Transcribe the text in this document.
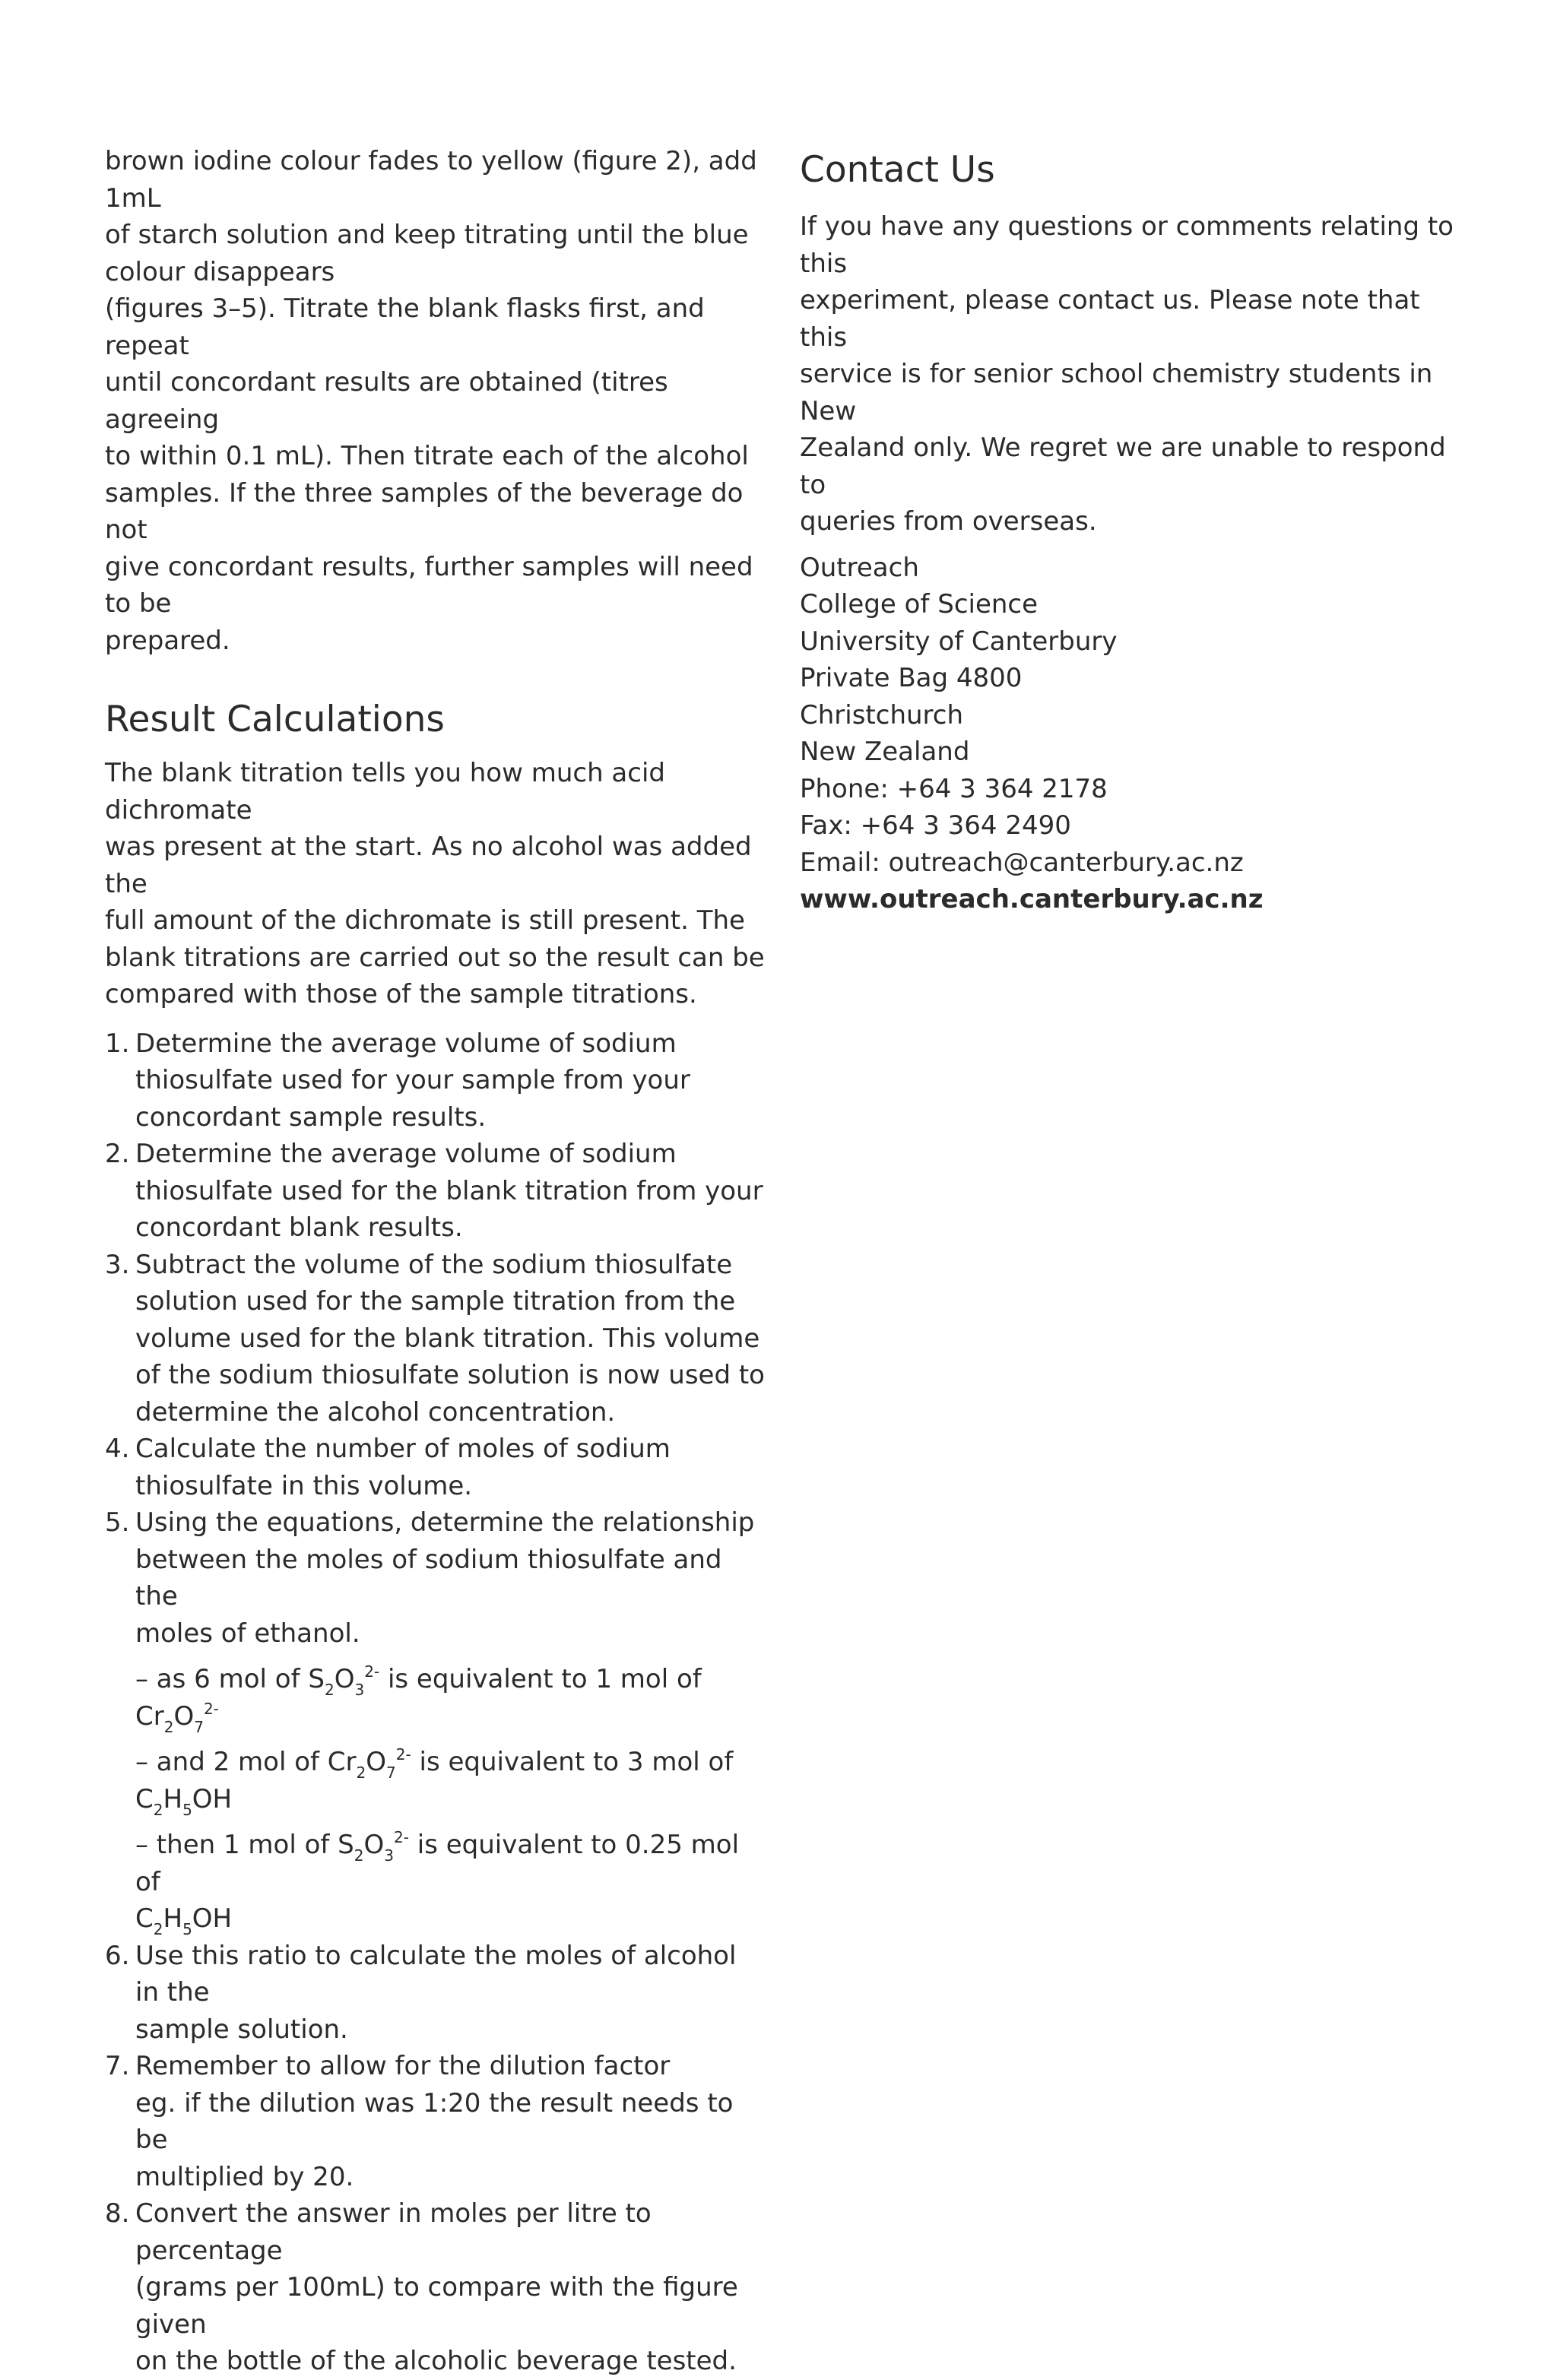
brown iodine colour fades to yellow (figure 2), add 1mL
of starch solution and keep titrating until the blue
colour disappears

(figures 3–5). Titrate the blank flasks first, and repeat
until concordant results are obtained (titres agreeing
to within 0.1 mL). Then titrate each of the alcohol
samples. If the three samples of the beverage do not
give concordant results, further samples will need to be
prepared.

Result Calculations

The blank titration tells you how much acid dichromate
was present at the start. As no alcohol was added the
full amount of the dichromate is still present. The
blank titrations are carried out so the result can be
compared with those of the sample titrations.

1. Determine the average volume of sodium
thiosulfate used for your sample from your
concordant sample results.
2. Determine the average volume of sodium
thiosulfate used for the blank titration from your
concordant blank results.
3. Subtract the volume of the sodium thiosulfate
solution used for the sample titration from the
volume used for the blank titration. This volume
of the sodium thiosulfate solution is now used to
determine the alcohol concentration.
4. Calculate the number of moles of sodium
thiosulfate in this volume.
5. Using the equations, determine the relationship
between the moles of sodium thiosulfate and the
moles of ethanol.
– as 6 mol of $S_2O_3^{2-}$ is equivalent to 1 mol of $Cr_2O_7^{2-}$
– and 2 mol of $Cr_2O_7^{2-}$ is equivalent to 3 mol of
$C_2H_5OH$
– then 1 mol of $S_2O_3^{2-}$ is equivalent to 0.25 mol of
$C_2H_5OH$
6. Use this ratio to calculate the moles of alcohol in the
sample solution.
7. Remember to allow for the dilution factor
eg. if the dilution was 1:20 the result needs to be
multiplied by 20.
8. Convert the answer in moles per litre to percentage
(grams per 100mL) to compare with the figure given
on the bottle of the alcoholic beverage tested.
Contact Us

If you have any questions or comments relating to this
experiment, please contact us. Please note that this
service is for senior school chemistry students in New
Zealand only. We regret we are unable to respond to
queries from overseas.

Outreach
College of Science
University of Canterbury
Private Bag 4800
Christchurch
New Zealand
Phone: +64 3 364 2178
Fax: +64 3 364 2490
Email: outreach@canterbury.ac.nz
www.outreach.canterbury.ac.nz
